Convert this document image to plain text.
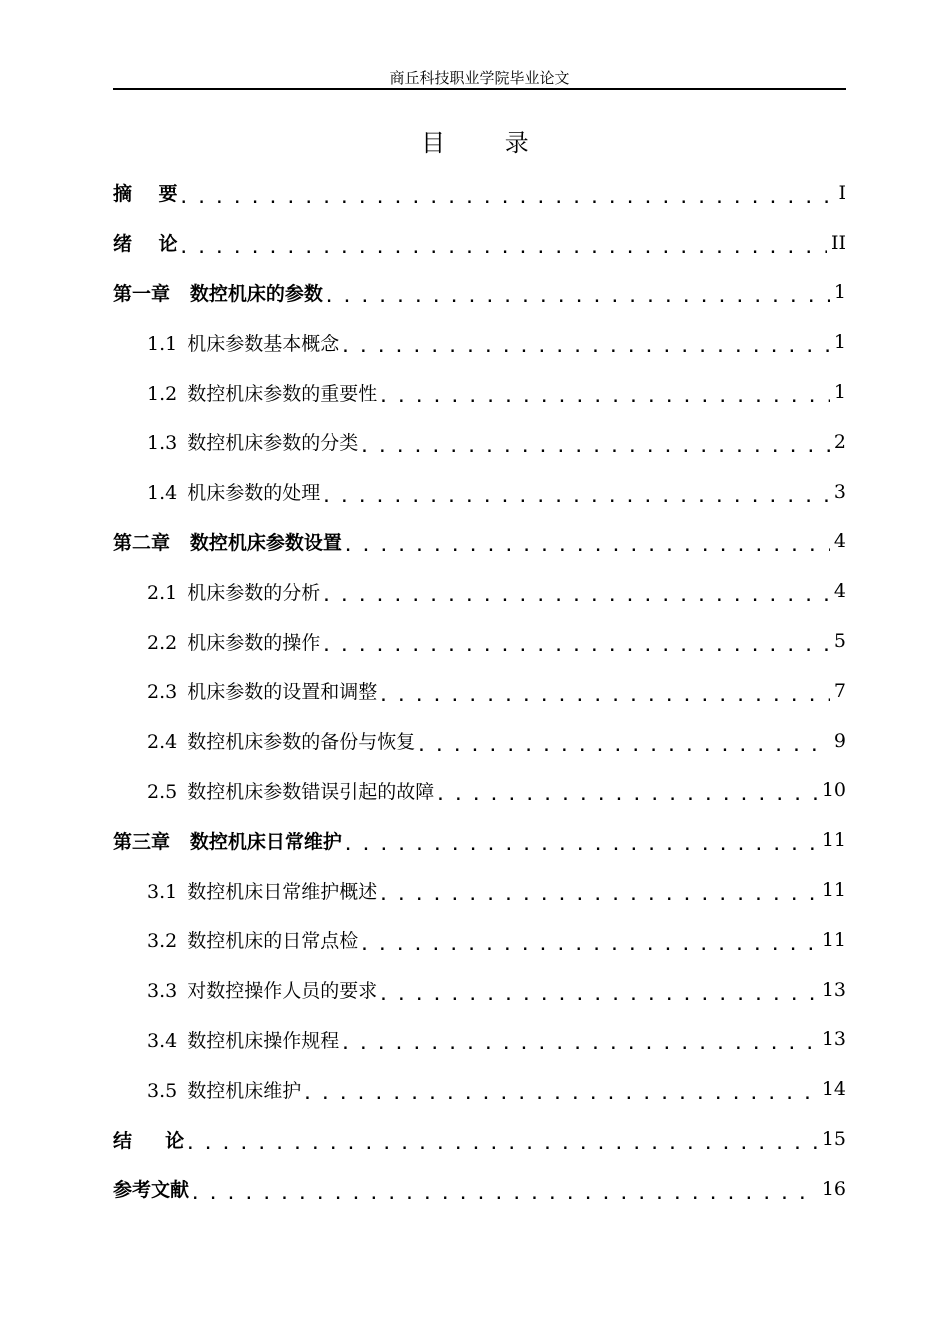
商丘科技职业学院毕业论文
目 录
摘    要 . . .	I
绪    论 . . .	II
第一章   数控机床的参数 . . .	1
1.1 机床参数基本概念 . . .	1
1.2 数控机床参数的重要性 . . .	1
1.3 数控机床参数的分类 . . .	2
1.4 机床参数的处理 . . .	3
第二章   数控机床参数设置 . . .	4
2.1 机床参数的分析 . . .	4
2.2 机床参数的操作 . . .	5
2.3 机床参数的设置和调整 . . .	7
2.4 数控机床参数的备份与恢复 . . .	9
2.5 数控机床参数错误引起的故障 . . .	10
第三章   数控机床日常维护 . . .	11
3.1 数控机床日常维护概述 . . .	11
3.2 数控机床的日常点检 . . .	11
3.3 对数控操作人员的要求 . . .	13
3.4 数控机床操作规程 . . .	13
3.5 数控机床维护 . . .	14
结     论 . . .	15
参考文献 . . .	16
